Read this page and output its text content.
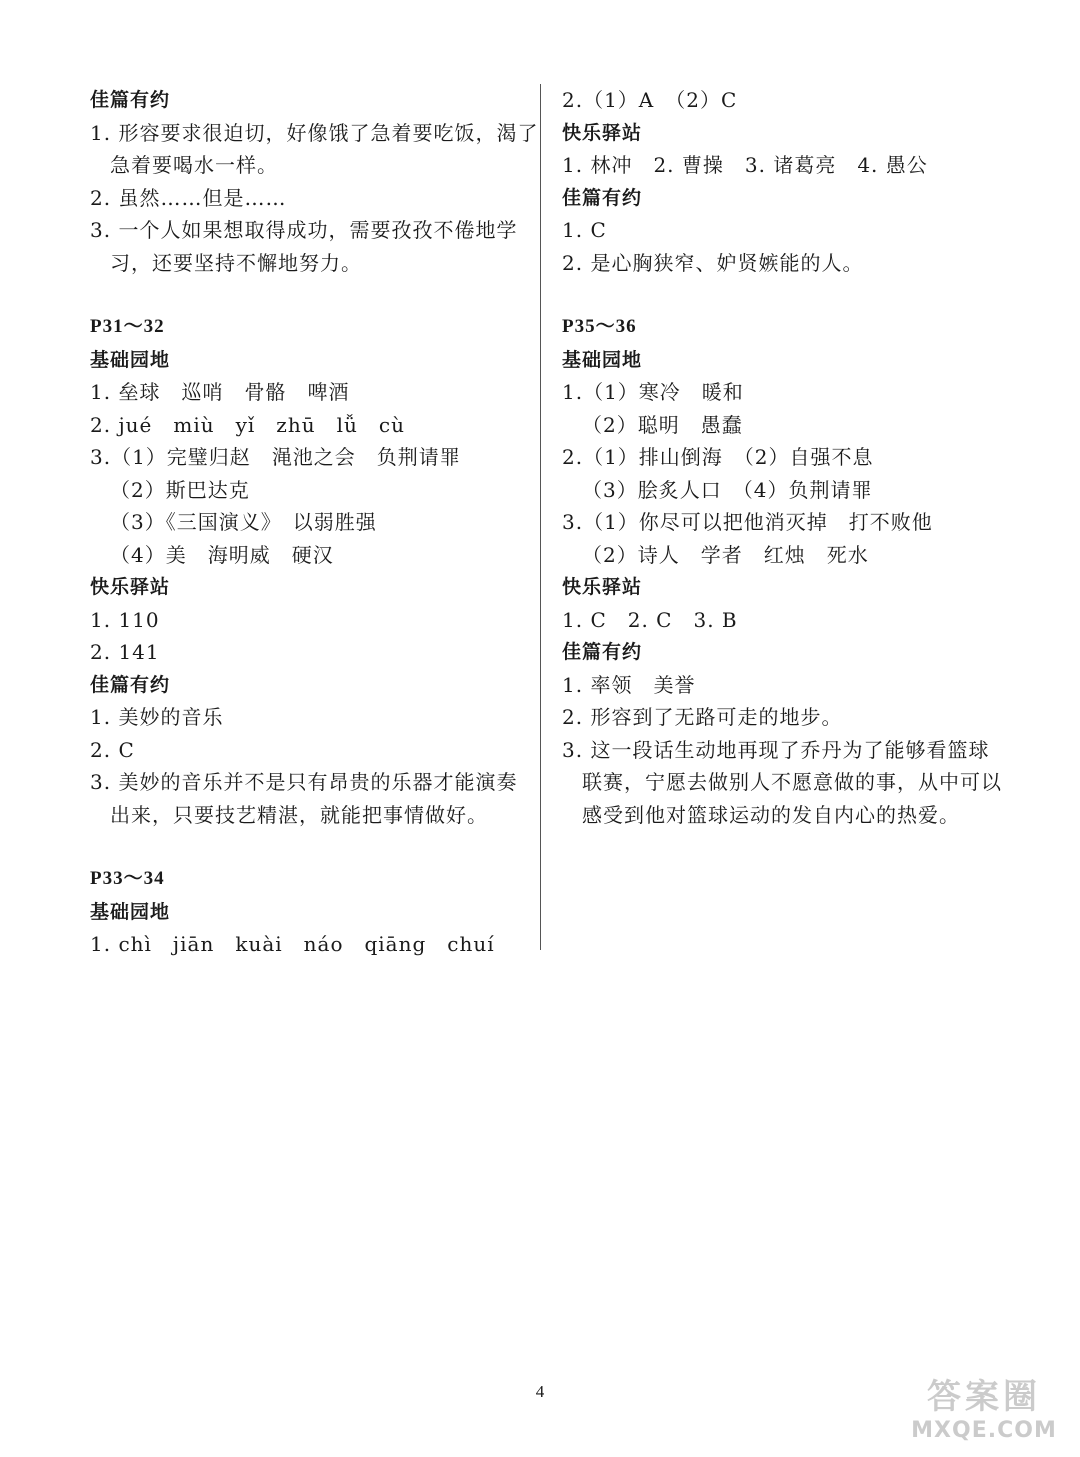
佳篇有约
1. 形容要求很迫切，好像饿了急着要吃饭，渴了
急着要喝水一样。
2. 虽然……但是……
3. 一个人如果想取得成功，需要孜孜不倦地学
习，还要坚持不懈地努力。
P31～32
基础园地
1. 垒球　巡哨　骨骼　啤酒
2. jué　miù　yǐ　zhū　lǚ　cù
3.（1）完璧归赵　渑池之会　负荆请罪
（2）斯巴达克
（3）《三国演义》　以弱胜强
（4）美　海明威　硬汉
快乐驿站
1. 110
2. 141
佳篇有约
1. 美妙的音乐
2. C
3. 美妙的音乐并不是只有昂贵的乐器才能演奏
出来，只要技艺精湛，就能把事情做好。
P33～34
基础园地
1. chì　jiān　kuài　náo　qiāng　chuí
2.（1）A　（2）C
快乐驿站
1. 林冲　2. 曹操　3. 诸葛亮　4. 愚公
佳篇有约
1. C
2. 是心胸狭窄、妒贤嫉能的人。
P35～36
基础园地
1.（1）寒冷　暖和
（2）聪明　愚蠢
2.（1）排山倒海　（2）自强不息
（3）脍炙人口　（4）负荆请罪
3.（1）你尽可以把他消灭掉　打不败他
（2）诗人　学者　红烛　死水
快乐驿站
1. C　2. C　3. B
佳篇有约
1. 率领　美誉
2. 形容到了无路可走的地步。
3. 这一段话生动地再现了乔丹为了能够看篮球
联赛，宁愿去做别人不愿意做的事，从中可以
感受到他对篮球运动的发自内心的热爱。
4	答案圈
MXQE.COM
